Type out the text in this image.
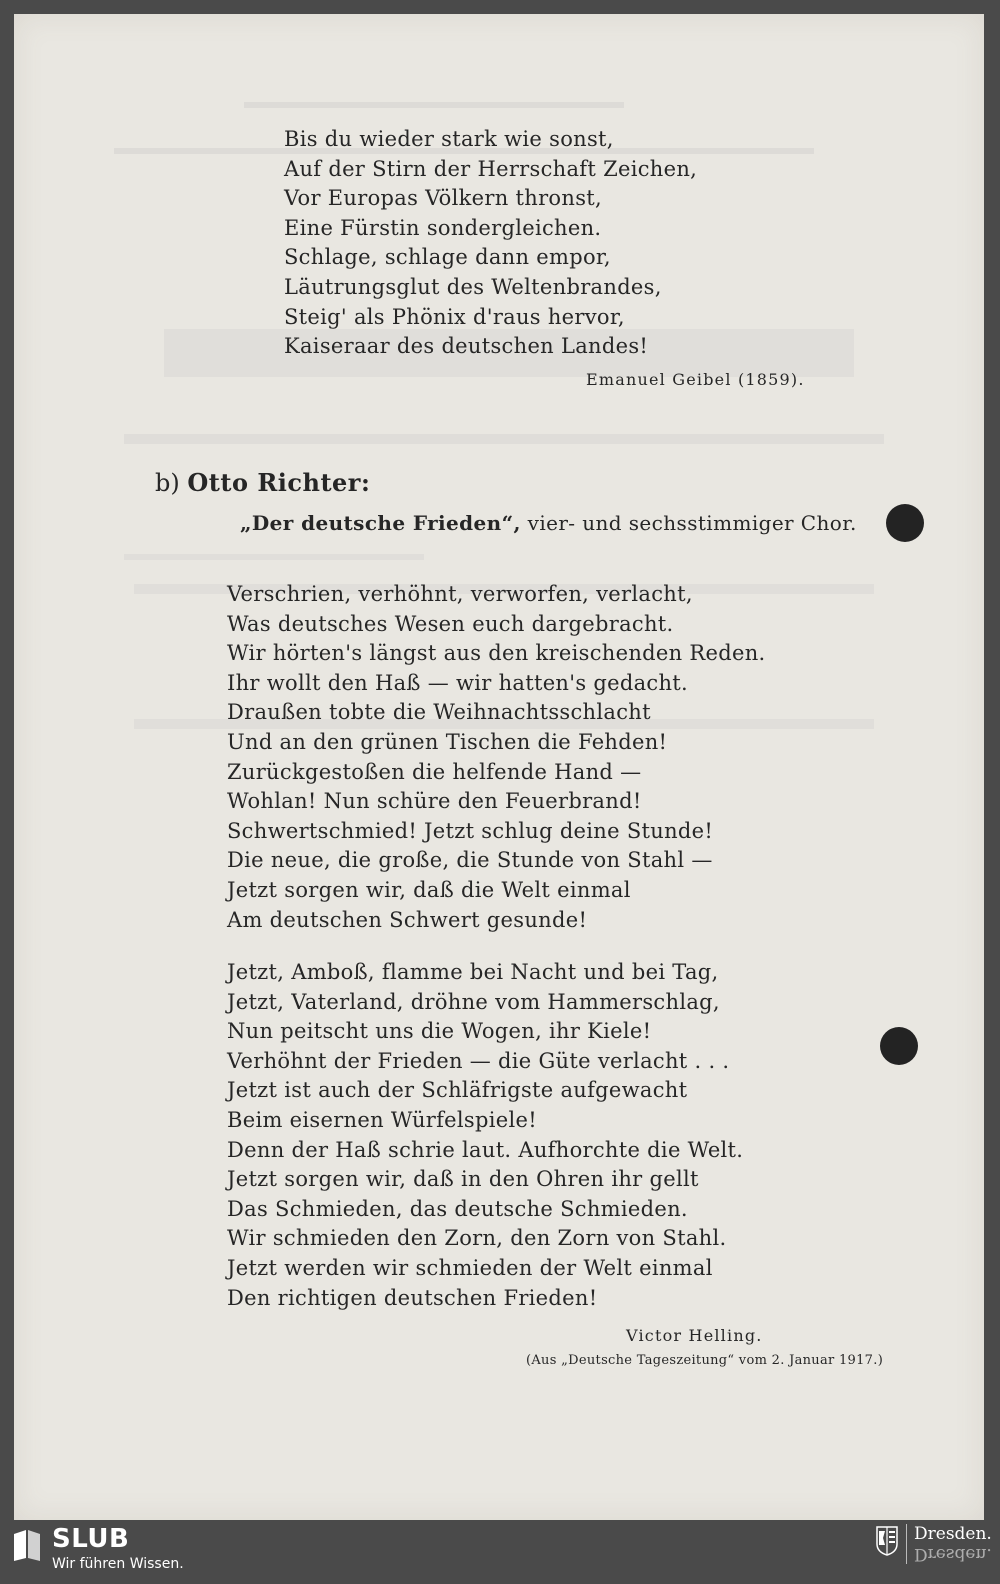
Bis du wieder stark wie sonst,
Auf der Stirn der Herrschaft Zeichen,
Vor Europas Völkern thronst,
Eine Fürstin sondergleichen.
Schlage, schlage dann empor,
Läutrungsglut des Weltenbrandes,
Steig' als Phönix d'raus hervor,
Kaiseraar des deutschen Landes!
Emanuel Geibel (1859).
b) Otto Richter:
„Der deutsche Frieden“, vier- und sechsstimmiger Chor.
Verschrien, verhöhnt, verworfen, verlacht,
Was deutsches Wesen euch dargebracht.
Wir hörten's längst aus den kreischenden Reden.
Ihr wollt den Haß — wir hatten's gedacht.
Draußen tobte die Weihnachtsschlacht
Und an den grünen Tischen die Fehden!
Zurückgestoßen die helfende Hand —
Wohlan! Nun schüre den Feuerbrand!
Schwertschmied! Jetzt schlug deine Stunde!
Die neue, die große, die Stunde von Stahl —
Jetzt sorgen wir, daß die Welt einmal
Am deutschen Schwert gesunde!
Jetzt, Amboß, flamme bei Nacht und bei Tag,
Jetzt, Vaterland, dröhne vom Hammerschlag,
Nun peitscht uns die Wogen, ihr Kiele!
Verhöhnt der Frieden — die Güte verlacht . . .
Jetzt ist auch der Schläfrigste aufgewacht
Beim eisernen Würfelspiele!
Denn der Haß schrie laut. Aufhorchte die Welt.
Jetzt sorgen wir, daß in den Ohren ihr gellt
Das Schmieden, das deutsche Schmieden.
Wir schmieden den Zorn, den Zorn von Stahl.
Jetzt werden wir schmieden der Welt einmal
Den richtigen deutschen Frieden!
Victor Helling.
(Aus „Deutsche Tageszeitung“ vom 2. Januar 1917.)
SLUB
Wir führen Wissen.
Dresden.
Dresden.
